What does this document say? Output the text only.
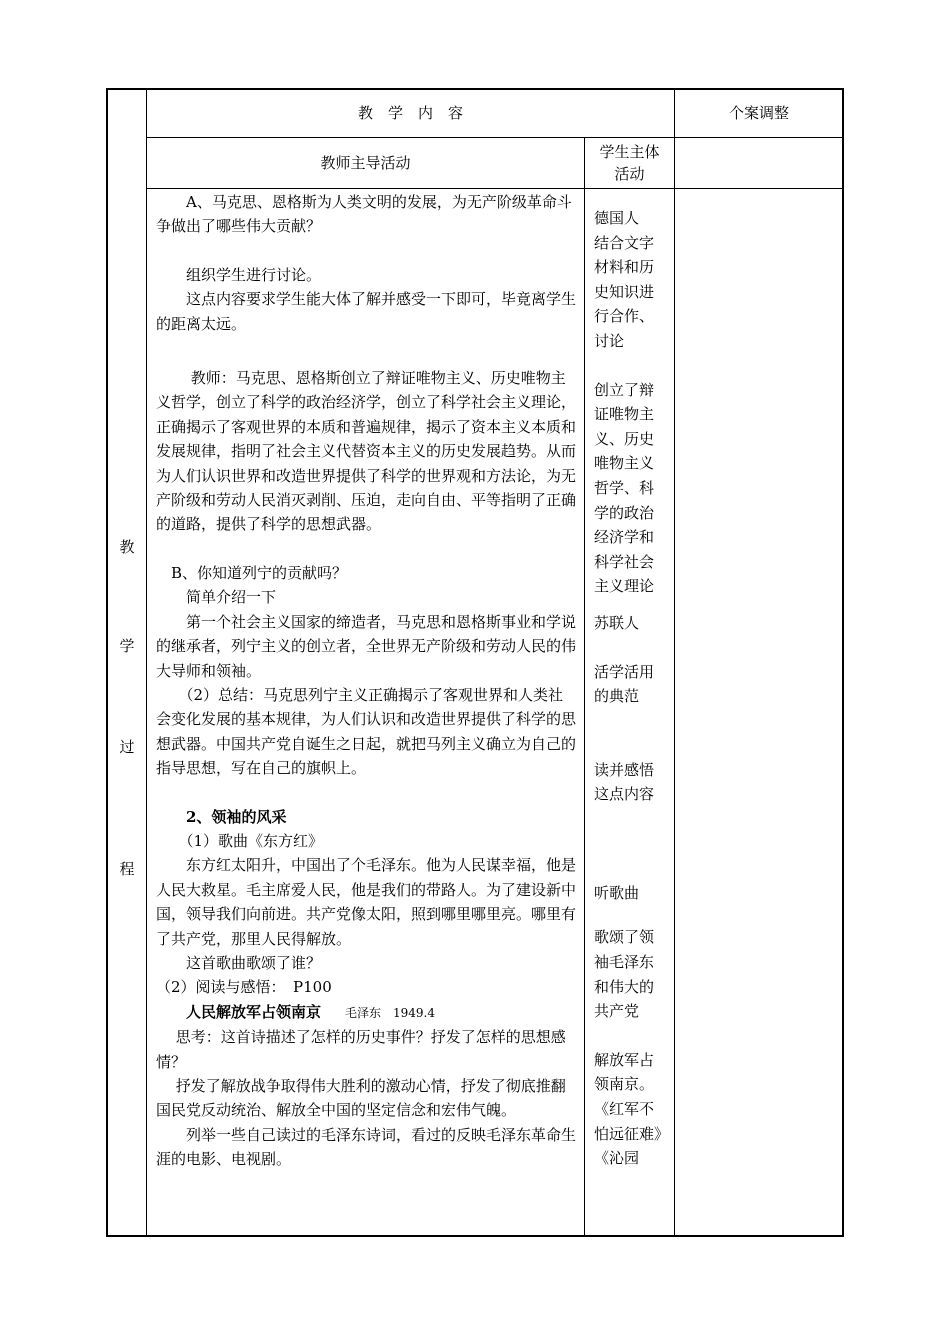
教　学　内　容	个案调整
教师主导活动
学生主体
活动
教
学
过
程

　　A、马克思、恩格斯为人类文明的发展，为无产阶级革命斗争做出了哪些伟大贡献？

　　组织学生进行讨论。

　　这点内容要求学生能大体了解并感受一下即可，毕竟离学生的距离太远。

　　 教师：马克思、恩格斯创立了辩证唯物主义、历史唯物主义哲学，创立了科学的政治经济学，创立了科学社会主义理论，正确揭示了客观世界的本质和普遍规律，揭示了资本主义本质和发展规律，指明了社会主义代替资本主义的历史发展趋势。从而为人们认识世界和改造世界提供了科学的世界观和方法论，为无产阶级和劳动人民消灭剥削、压迫，走向自由、平等指明了正确的道路，提供了科学的思想武器。

　B、你知道列宁的贡献吗？

　　简单介绍一下

　　第一个社会主义国家的缔造者，马克思和恩格斯事业和学说的继承者，列宁主义的创立者，全世界无产阶级和劳动人民的伟大导师和领袖。

　　（2）总结：马克思列宁主义正确揭示了客观世界和人类社会变化发展的基本规律，为人们认识和改造世界提供了科学的思想武器。中国共产党自诞生之日起，就把马列主义确立为自己的指导思想，写在自己的旗帜上。

　　2、领袖的风采

　　（1）歌曲《东方红》

　　东方红太阳升，中国出了个毛泽东。他为人民谋幸福，他是人民大救星。毛主席爱人民，他是我们的带路人。为了建设新中国，领导我们向前进。共产党像太阳，照到哪里哪里亮。哪里有了共产党，那里人民得解放。

　　这首歌曲歌颂了谁？

（2）阅读与感悟：　P100

　　人民解放军占领南京　　毛泽东　1949.4

　 思考：这首诗描述了怎样的历史事件？抒发了怎样的思想感情？

　 抒发了解放战争取得伟大胜利的激动心情，抒发了彻底推翻国民党反动统治、解放全中国的坚定信念和宏伟气魄。

　　列举一些自己读过的毛泽东诗词，看过的反映毛泽东革命生涯的电影、电视剧。

德国人

结合文字材料和历史知识进行合作、讨论

创立了辩证唯物主义、历史唯物主义哲学、科学的政治经济学和科学社会主义理论

苏联人

活学活用的典范

读并感悟这点内容

听歌曲

歌颂了领袖毛泽东和伟大的共产党

解放军占领南京。《红军不怕远征难》《沁园
